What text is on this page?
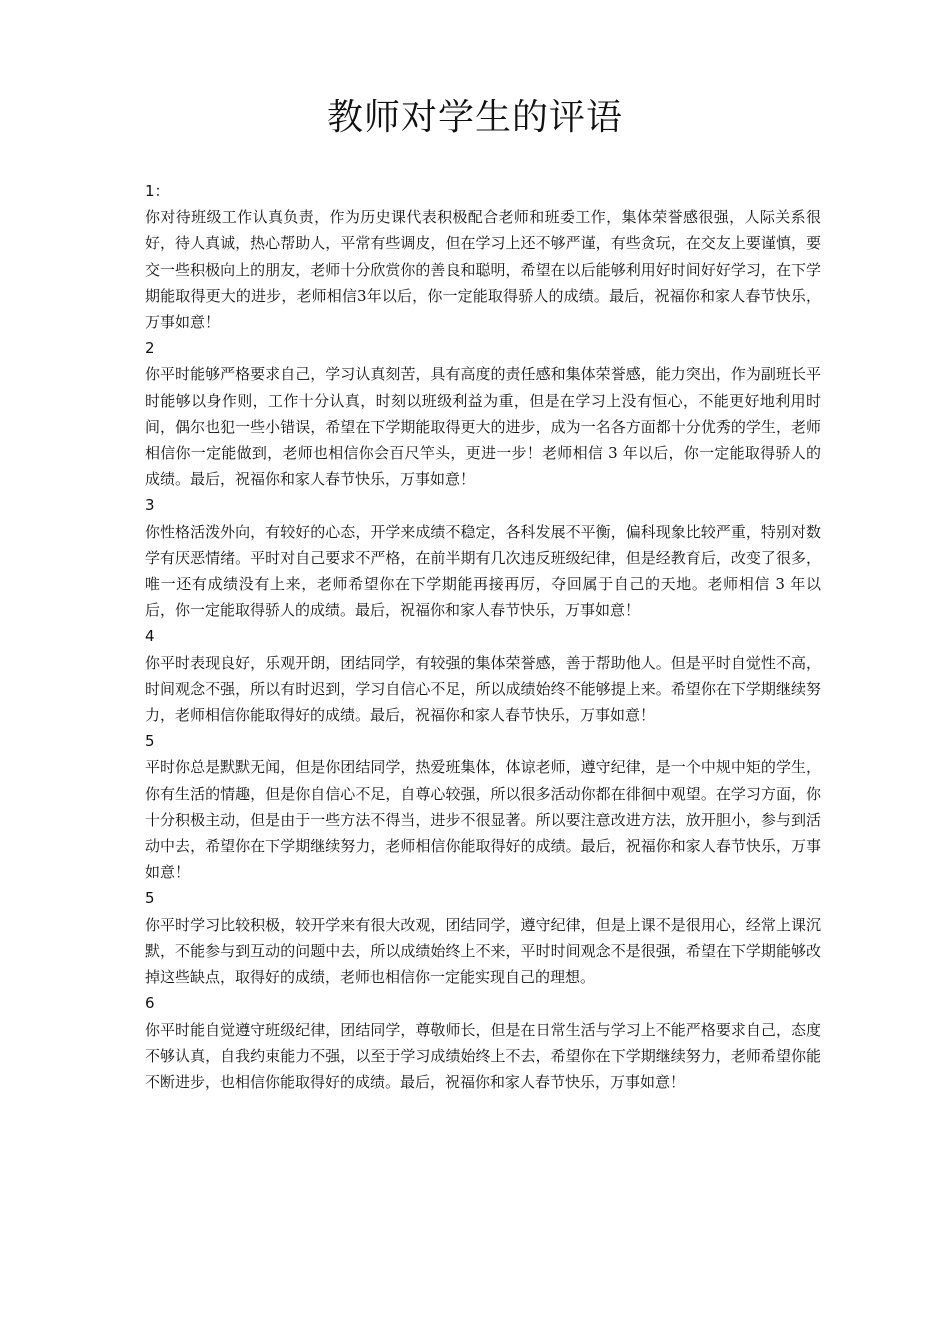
教师对学生的评语
1：

你对待班级工作认真负责，作为历史课代表积极配合老师和班委工作，集体荣誉感很强，人际关系很好，待人真诚，热心帮助人，平常有些调皮，但在学习上还不够严谨，有些贪玩，在交友上要谨慎，要交一些积极向上的朋友，老师十分欣赏你的善良和聪明，希望在以后能够利用好时间好好学习，在下学期能取得更大的进步，老师相信3年以后，你一定能取得骄人的成绩。最后，祝福你和家人春节快乐，万事如意！

2

你平时能够严格要求自己，学习认真刻苦，具有高度的责任感和集体荣誉感，能力突出，作为副班长平时能够以身作则，工作十分认真，时刻以班级利益为重，但是在学习上没有恒心，不能更好地利用时间，偶尔也犯一些小错误，希望在下学期能取得更大的进步，成为一名各方面都十分优秀的学生，老师相信你一定能做到，老师也相信你会百尺竿头，更进一步！老师相信 3 年以后，你一定能取得骄人的成绩。最后，祝福你和家人春节快乐，万事如意！

3

你性格活泼外向，有较好的心态，开学来成绩不稳定，各科发展不平衡，偏科现象比较严重，特别对数学有厌恶情绪。平时对自己要求不严格，在前半期有几次违反班级纪律，但是经教育后，改变了很多，唯一还有成绩没有上来，老师希望你在下学期能再接再厉，夺回属于自己的天地。老师相信 3 年以后，你一定能取得骄人的成绩。最后，祝福你和家人春节快乐，万事如意！

4

你平时表现良好，乐观开朗，团结同学，有较强的集体荣誉感，善于帮助他人。但是平时自觉性不高，时间观念不强，所以有时迟到，学习自信心不足，所以成绩始终不能够提上来。希望你在下学期继续努力，老师相信你能取得好的成绩。最后，祝福你和家人春节快乐，万事如意！

5

平时你总是默默无闻，但是你团结同学，热爱班集体，体谅老师，遵守纪律，是一个中规中矩的学生，你有生活的情趣，但是你自信心不足，自尊心较强，所以很多活动你都在徘徊中观望。在学习方面，你十分积极主动，但是由于一些方法不得当，进步不很显著。所以要注意改进方法，放开胆小，参与到活动中去，希望你在下学期继续努力，老师相信你能取得好的成绩。最后，祝福你和家人春节快乐，万事如意！

5

你平时学习比较积极，较开学来有很大改观，团结同学，遵守纪律，但是上课不是很用心，经常上课沉默，不能参与到互动的问题中去，所以成绩始终上不来，平时时间观念不是很强，希望在下学期能够改掉这些缺点，取得好的成绩，老师也相信你一定能实现自己的理想。

6

你平时能自觉遵守班级纪律，团结同学，尊敬师长，但是在日常生活与学习上不能严格要求自己，态度不够认真，自我约束能力不强，以至于学习成绩始终上不去，希望你在下学期继续努力，老师希望你能不断进步，也相信你能取得好的成绩。最后，祝福你和家人春节快乐，万事如意！
